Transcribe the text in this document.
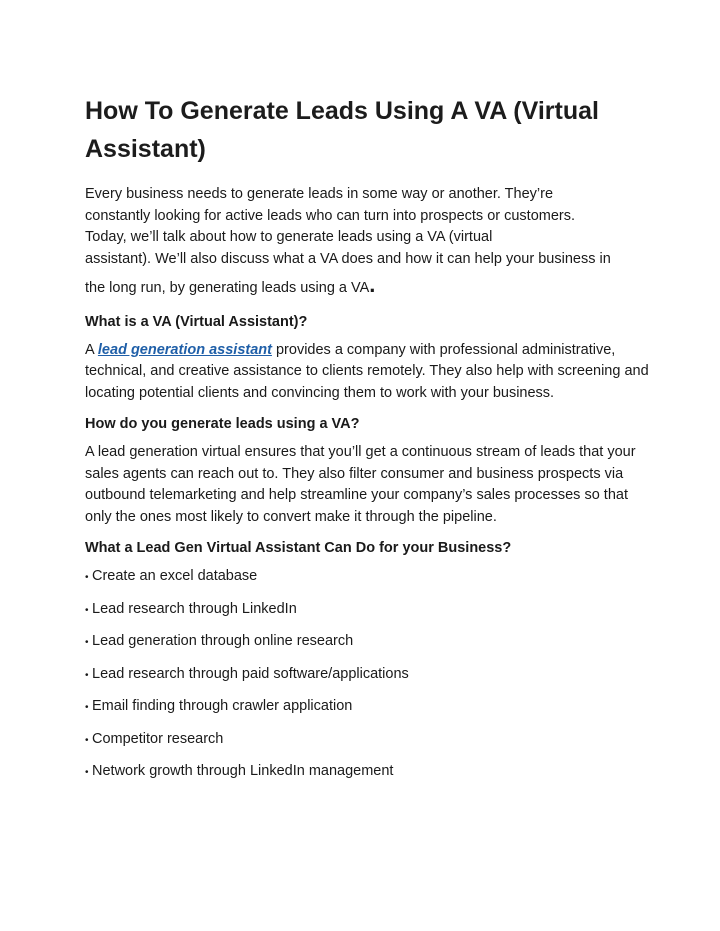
How To Generate Leads Using A VA (Virtual Assistant)

Every business needs to generate leads in some way or another. They’re
constantly looking for active leads who can turn into prospects or customers.
Today, we’ll talk about how to generate leads using a VA (virtual

assistant). We’ll also discuss what a VA does and how it can help your business in
the long run, by generating leads using a VA.

What is a VA (Virtual Assistant)?

A lead generation assistant provides a company with professional administrative, technical, and creative assistance to clients remotely. They also help with screening and locating potential clients and convincing them to work with your business.

How do you generate leads using a VA?

A lead generation virtual ensures that you’ll get a continuous stream of leads that your sales agents can reach out to. They also filter consumer and business prospects via outbound telemarketing and help streamline your company’s sales processes so that only the ones most likely to convert make it through the pipeline.

What a Lead Gen Virtual Assistant Can Do for your Business?
• Create an excel database
• Lead research through LinkedIn
• Lead generation through online research
• Lead research through paid software/applications
• Email finding through crawler application
• Competitor research
• Network growth through LinkedIn management
